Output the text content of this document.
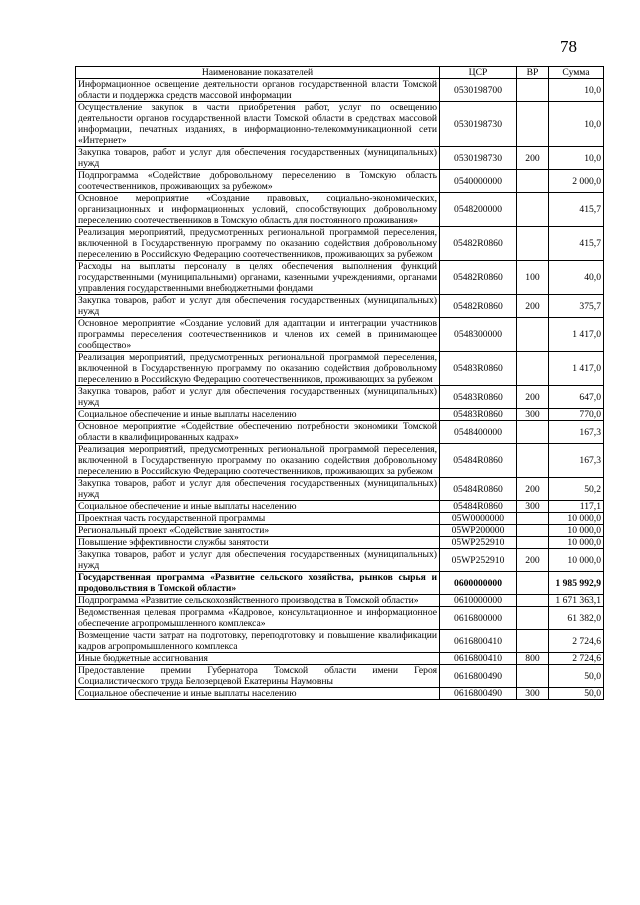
78
Наименование показателей	ЦСР	ВР	Сумма
Информационное освещение деятельности органов государственной власти Томской области и поддержка средств массовой информации	0530198700		10,0
Осуществление закупок в части приобретения работ, услуг по освещению деятельности органов государственной власти Томской области в средствах массовой информации, печатных изданиях, в информационно-телекоммуникационной сети «Интернет»	0530198730		10,0
Закупка товаров, работ и услуг для обеспечения государственных (муниципальных) нужд	0530198730	200	10,0
Подпрограмма «Содействие добровольному переселению в Томскую область соотечественников, проживающих за рубежом»	0540000000		2 000,0
Основное мероприятие «Создание правовых, социально-экономических, организационных и информационных условий, способствующих добровольному переселению соотечественников в Томскую область для постоянного проживания»	0548200000		415,7
Реализация мероприятий, предусмотренных региональной программой переселения, включенной в Государственную программу по оказанию содействия добровольному переселению в Российскую Федерацию соотечественников, проживающих за рубежом	05482R0860		415,7
Расходы на выплаты персоналу в целях обеспечения выполнения функций государственными (муниципальными) органами, казенными учреждениями, органами управления государственными внебюджетными фондами	05482R0860	100	40,0
Закупка товаров, работ и услуг для обеспечения государственных (муниципальных) нужд	05482R0860	200	375,7
Основное мероприятие «Создание условий для адаптации и интеграции участников программы переселения соотечественников и членов их семей в принимающее сообщество»	0548300000		1 417,0
Реализация мероприятий, предусмотренных региональной программой переселения, включенной в Государственную программу по оказанию содействия добровольному переселению в Российскую Федерацию соотечественников, проживающих за рубежом	05483R0860		1 417,0
Закупка товаров, работ и услуг для обеспечения государственных (муниципальных) нужд	05483R0860	200	647,0
Социальное обеспечение и иные выплаты населению	05483R0860	300	770,0
Основное мероприятие «Содействие обеспечению потребности экономики Томской области в квалифицированных кадрах»	0548400000		167,3
Реализация мероприятий, предусмотренных региональной программой переселения, включенной в Государственную программу по оказанию содействия добровольному переселению в Российскую Федерацию соотечественников, проживающих за рубежом	05484R0860		167,3
Закупка товаров, работ и услуг для обеспечения государственных (муниципальных) нужд	05484R0860	200	50,2
Социальное обеспечение и иные выплаты населению	05484R0860	300	117,1
Проектная часть государственной программы	05W0000000		10 000,0
Региональный проект «Содействие занятости»	05WP200000		10 000,0
Повышение эффективности службы занятости	05WP252910		10 000,0
Закупка товаров, работ и услуг для обеспечения государственных (муниципальных) нужд	05WP252910	200	10 000,0
Государственная программа «Развитие сельского хозяйства, рынков сырья и продовольствия в Томской области»	0600000000		1 985 992,9
Подпрограмма «Развитие сельскохозяйственного производства в Томской области»	0610000000		1 671 363,1
Ведомственная целевая программа «Кадровое, консультационное и информационное обеспечение агропромышленного комплекса»	0616800000		61 382,0
Возмещение части затрат на подготовку, переподготовку и повышение квалификации кадров агропромышленного комплекса	0616800410		2 724,6
Иные бюджетные ассигнования	0616800410	800	2 724,6
Предоставление премии Губернатора Томской области имени Героя Социалистического труда Белозерцевой Екатерины Наумовны	0616800490		50,0
Социальное обеспечение и иные выплаты населению	0616800490	300	50,0
